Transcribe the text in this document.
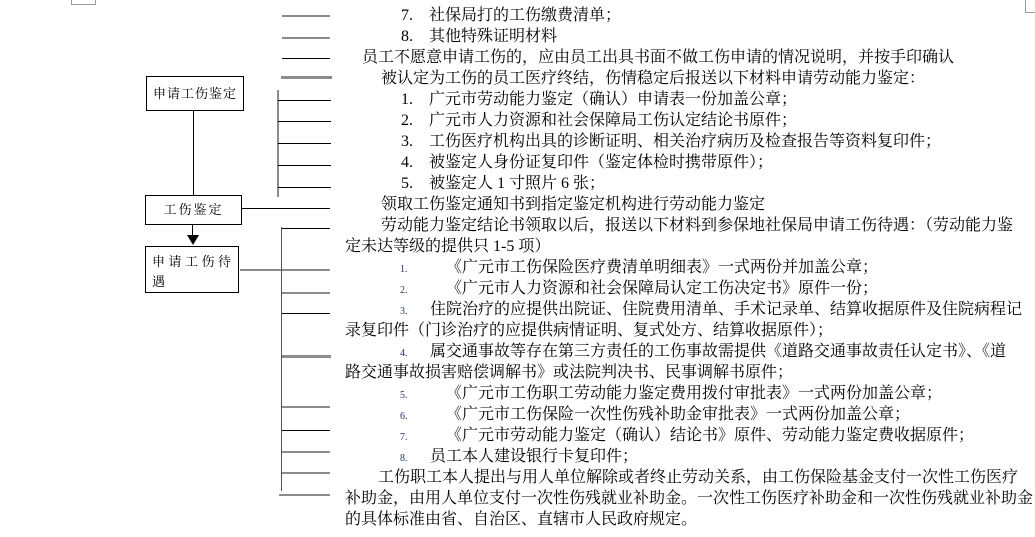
申请工伤鉴定
工伤鉴定
申请工伤待遇
7. 社保局打的工伤缴费清单；
8. 其他特殊证明材料
员工不愿意申请工伤的，应由员工出具书面不做工伤申请的情况说明，并按手印确认
被认定为工伤的员工医疗终结，伤情稳定后报送以下材料申请劳动能力鉴定：
1. 广元市劳动能力鉴定（确认）申请表一份加盖公章；
2. 广元市人力资源和社会保障局工伤认定结论书原件；
3. 工伤医疗机构出具的诊断证明、相关治疗病历及检查报告等资料复印件；
4. 被鉴定人身份证复印件（鉴定体检时携带原件）；
5. 被鉴定人 1 寸照片 6 张；
领取工伤鉴定通知书到指定鉴定机构进行劳动能力鉴定
劳动能力鉴定结论书领取以后，报送以下材料到参保地社保局申请工伤待遇：（劳动能力鉴
定未达等级的提供只 1-5 项）
1. 《广元市工伤保险医疗费清单明细表》一式两份并加盖公章；
2. 《广元市人力资源和社会保障局认定工伤决定书》原件一份；
3. 住院治疗的应提供出院证、住院费用清单、手术记录单、结算收据原件及住院病程记
录复印件（门诊治疗的应提供病情证明、复式处方、结算收据原件）；
4. 属交通事故等存在第三方责任的工伤事故需提供《道路交通事故责任认定书》、《道
路交通事故损害赔偿调解书》或法院判决书、民事调解书原件；
5. 《广元市工伤职工劳动能力鉴定费用拨付审批表》一式两份加盖公章；
6. 《广元市工伤保险一次性伤残补助金审批表》一式两份加盖公章；
7. 《广元市劳动能力鉴定（确认）结论书》原件、劳动能力鉴定费收据原件；
8. 员工本人建设银行卡复印件；
工伤职工本人提出与用人单位解除或者终止劳动关系，由工伤保险基金支付一次性工伤医疗
补助金，由用人单位支付一次性伤残就业补助金。一次性工伤医疗补助金和一次性伤残就业补助金
的具体标准由省、自治区、直辖市人民政府规定。
